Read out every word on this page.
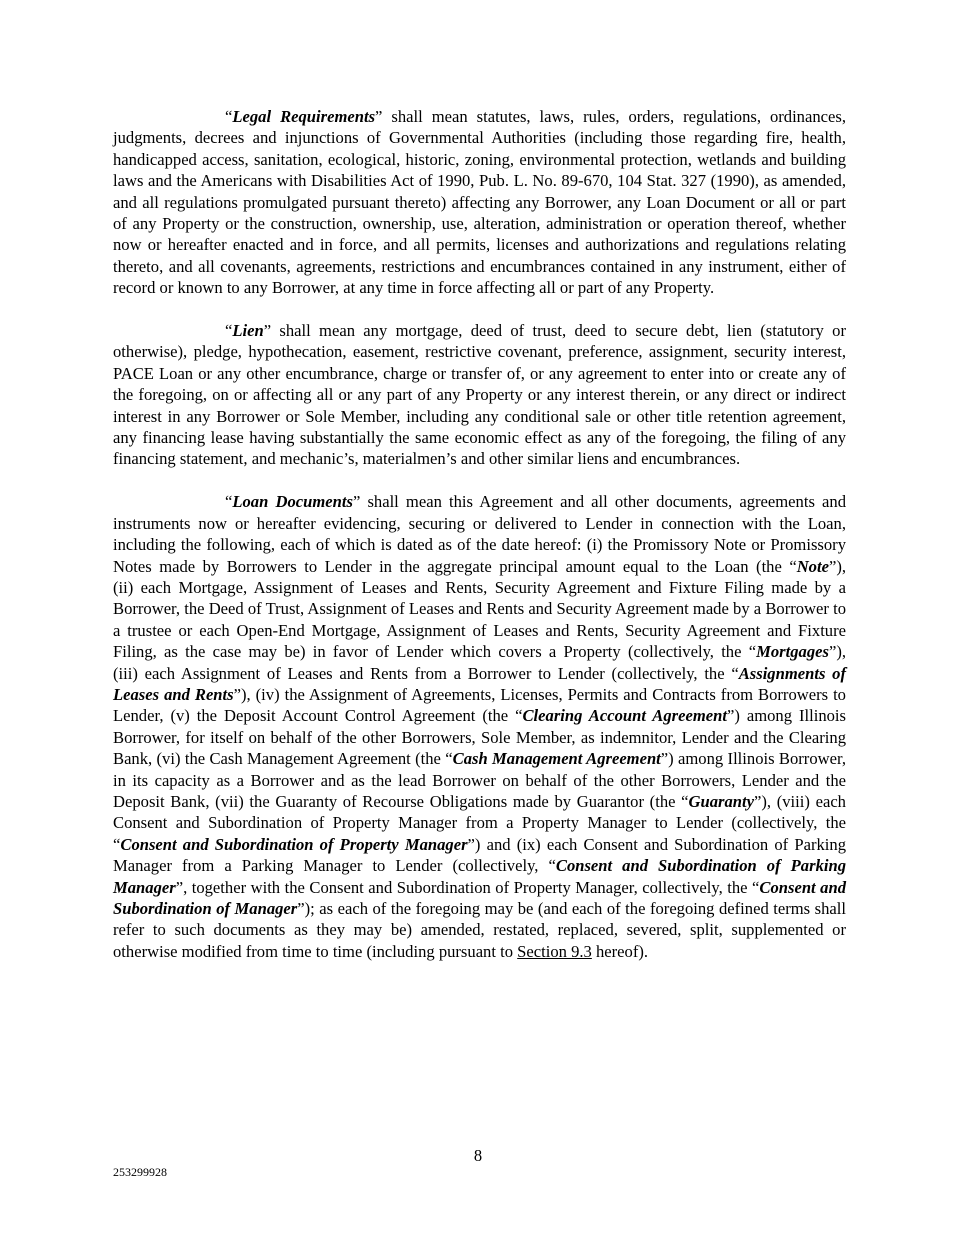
“Legal Requirements” shall mean statutes, laws, rules, orders, regulations, ordinances, judgments, decrees and injunctions of Governmental Authorities (including those regarding fire, health, handicapped access, sanitation, ecological, historic, zoning, environmental protection, wetlands and building laws and the Americans with Disabilities Act of 1990, Pub. L. No. 89-670, 104 Stat. 327 (1990), as amended, and all regulations promulgated pursuant thereto) affecting any Borrower, any Loan Document or all or part of any Property or the construction, ownership, use, alteration, administration or operation thereof, whether now or hereafter enacted and in force, and all permits, licenses and authorizations and regulations relating thereto, and all covenants, agreements, restrictions and encumbrances contained in any instrument, either of record or known to any Borrower, at any time in force affecting all or part of any Property.

“Lien” shall mean any mortgage, deed of trust, deed to secure debt, lien (statutory or otherwise), pledge, hypothecation, easement, restrictive covenant, preference, assignment, security interest, PACE Loan or any other encumbrance, charge or transfer of, or any agreement to enter into or create any of the foregoing, on or affecting all or any part of any Property or any interest therein, or any direct or indirect interest in any Borrower or Sole Member, including any conditional sale or other title retention agreement, any financing lease having substantially the same economic effect as any of the foregoing, the filing of any financing statement, and mechanic’s, materialmen’s and other similar liens and encumbrances.

“Loan Documents” shall mean this Agreement and all other documents, agreements and instruments now or hereafter evidencing, securing or delivered to Lender in connection with the Loan, including the following, each of which is dated as of the date hereof: (i) the Promissory Note or Promissory Notes made by Borrowers to Lender in the aggregate principal amount equal to the Loan (the “Note”), (ii) each Mortgage, Assignment of Leases and Rents, Security Agreement and Fixture Filing made by a Borrower, the Deed of Trust, Assignment of Leases and Rents and Security Agreement made by a Borrower to a trustee or each Open-End Mortgage, Assignment of Leases and Rents, Security Agreement and Fixture Filing, as the case may be) in favor of Lender which covers a Property (collectively, the “Mortgages”), (iii) each Assignment of Leases and Rents from a Borrower to Lender (collectively, the “Assignments of Leases and Rents”), (iv) the Assignment of Agreements, Licenses, Permits and Contracts from Borrowers to Lender, (v) the Deposit Account Control Agreement (the “Clearing Account Agreement”) among Illinois Borrower, for itself on behalf of the other Borrowers, Sole Member, as indemnitor, Lender and the Clearing Bank, (vi) the Cash Management Agreement (the “Cash Management Agreement”) among Illinois Borrower, in its capacity as a Borrower and as the lead Borrower on behalf of the other Borrowers, Lender and the Deposit Bank, (vii) the Guaranty of Recourse Obligations made by Guarantor (the “Guaranty”), (viii) each Consent and Subordination of Property Manager from a Property Manager to Lender (collectively, the “Consent and Subordination of Property Manager”) and (ix) each Consent and Subordination of Parking Manager from a Parking Manager to Lender (collectively, “Consent and Subordination of Parking Manager”, together with the Consent and Subordination of Property Manager, collectively, the “Consent and Subordination of Manager”); as each of the foregoing may be (and each of the foregoing defined terms shall refer to such documents as they may be) amended, restated, replaced, severed, split, supplemented or otherwise modified from time to time (including pursuant to Section 9.3 hereof).

8
253299928
